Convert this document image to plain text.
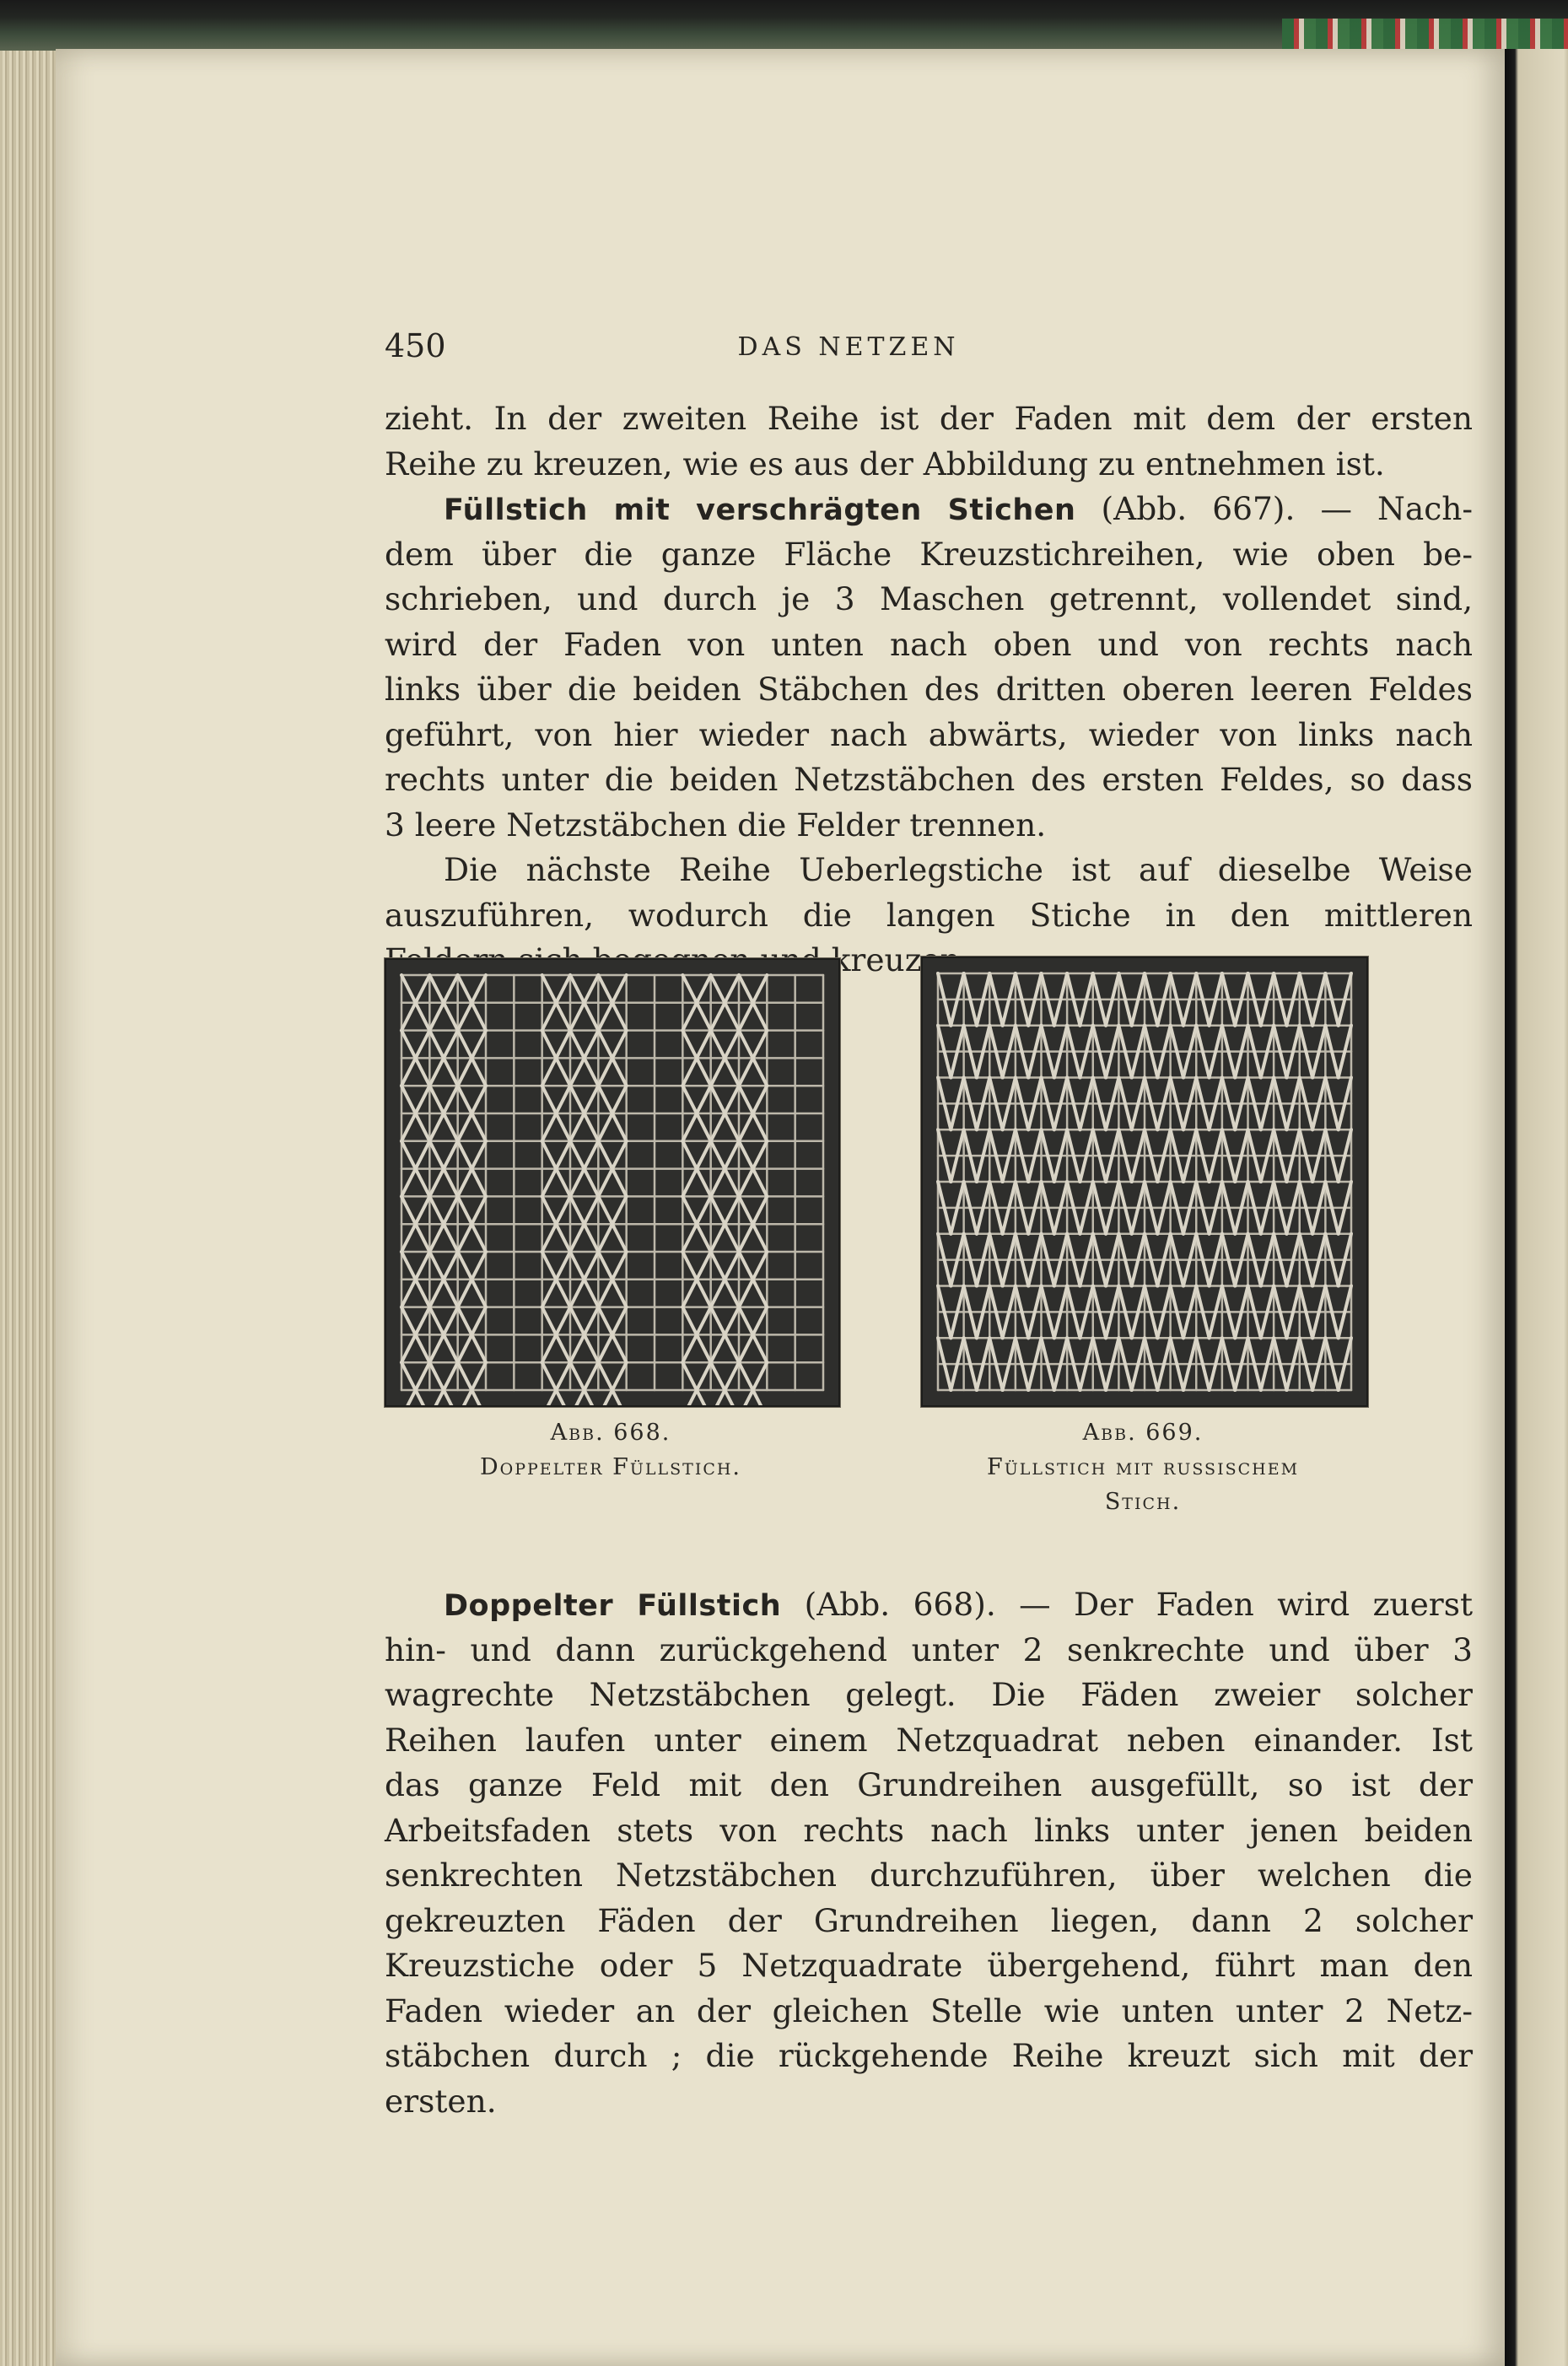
450	DAS NETZEN
zieht. In der zweiten Reihe ist der Faden mit dem der ersten
Reihe zu kreuzen, wie es aus der Abbildung zu entnehmen ist.
Füllstich mit verschrägten Stichen (Abb. 667). — Nach-
dem über die ganze Fläche Kreuzstichreihen, wie oben be-
schrieben, und durch je 3 Maschen getrennt, vollendet sind,
wird der Faden von unten nach oben und von rechts nach
links über die beiden Stäbchen des dritten oberen leeren Feldes
geführt, von hier wieder nach abwärts, wieder von links nach
rechts unter die beiden Netzstäbchen des ersten Feldes, so dass
3 leere Netzstäbchen die Felder trennen.
Die nächste Reihe Ueberlegstiche ist auf dieselbe Weise
auszuführen, wodurch die langen Stiche in den mittleren
kreuzen.
Doppelter Füllstich (Abb. 668). — Der Faden wird zuerst
hin- und dann zurückgehend unter 2 senkrechte und über 3
wagrechte Netzstäbchen gelegt. Die Fäden zweier solcher
Reihen laufen unter einem Netzquadrat neben einander. Ist
das ganze Feld mit den Grundreihen ausgefüllt, so ist der
Arbeitsfaden stets von rechts nach links unter jenen beiden
senkrechten Netzstäbchen durchzuführen, über welchen die
gekreuzten Fäden der Grundreihen liegen, dann 2 solcher
Kreuzstiche oder 5 Netzquadrate übergehend, führt man den
Faden wieder an der gleichen Stelle wie unten unter 2 Netz-
stäbchen durch ; die rückgehende Reihe kreuzt sich mit der
ersten.
Abb. 668.
Doppelter Füllstich.
Abb. 669.
Füllstich mit russischem
Stich.
